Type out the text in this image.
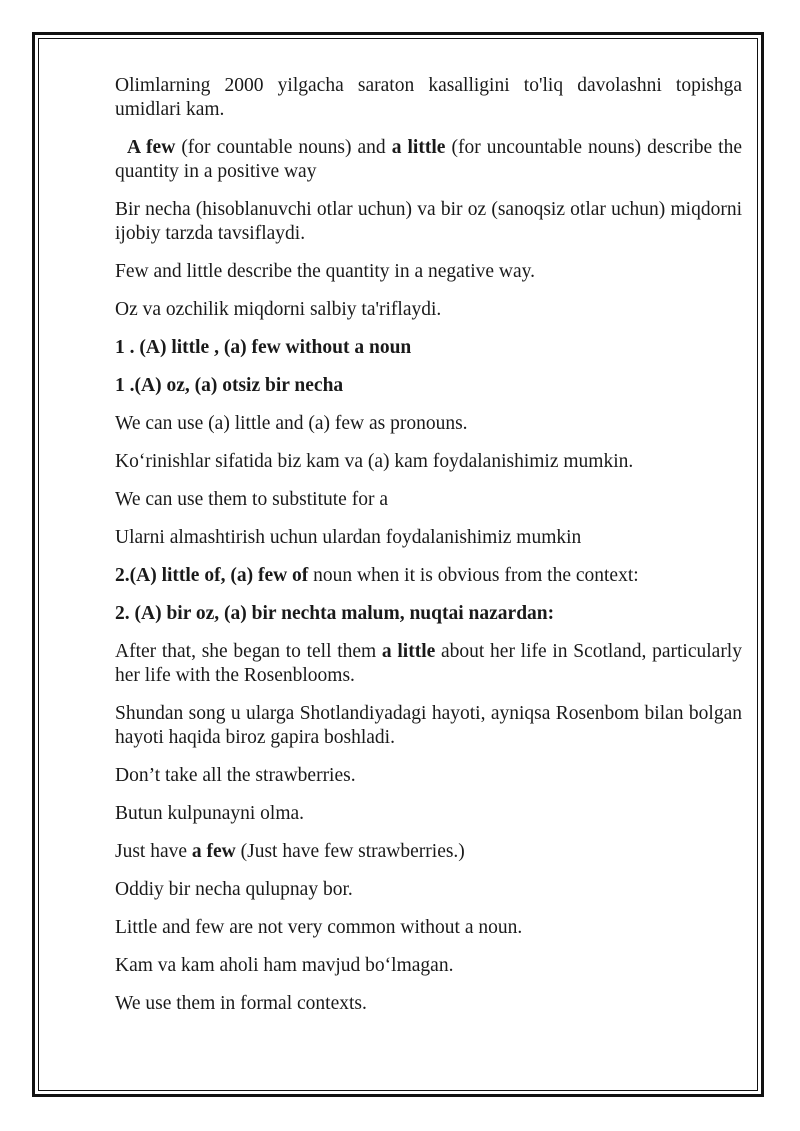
Olimlarning 2000 yilgacha saraton kasalligini to'liq davolashni topishga umidlari kam.

A few (for countable nouns) and a little (for uncountable nouns) describe the quantity in a positive way

Bir necha (hisoblanuvchi otlar uchun) va bir oz (sanoqsiz otlar uchun) miqdorni ijobiy tarzda tavsiflaydi.

Few and little describe the quantity in a negative way.

Oz va ozchilik miqdorni salbiy ta'riflaydi.

1 . (A) little , (a) few without a noun

1 .(A) oz, (a) otsiz bir necha

We can use (a) little and (a) few as pronouns.

Ko‘rinishlar sifatida biz kam va (a) kam foydalanishimiz mumkin.

We can use them to substitute for a

Ularni almashtirish uchun ulardan foydalanishimiz mumkin

2.(A) little of, (a) few of noun when it is obvious from the context:

2. (A) bir oz, (a) bir nechta malum, nuqtai nazardan:

After that, she began to tell them a little about her life in Scotland, particularly her life with the Rosenblooms.

Shundan song u ularga Shotlandiyadagi hayoti, ayniqsa Rosenbom bilan bolgan hayoti haqida biroz gapira boshladi.

Don’t take all the strawberries.

Butun kulpunayni olma.

Just have a few (Just have few strawberries.)

Oddiy bir necha qulupnay bor.

Little and few are not very common without a noun.

Kam va kam aholi ham mavjud bo‘lmagan.

We use them in formal contexts.
